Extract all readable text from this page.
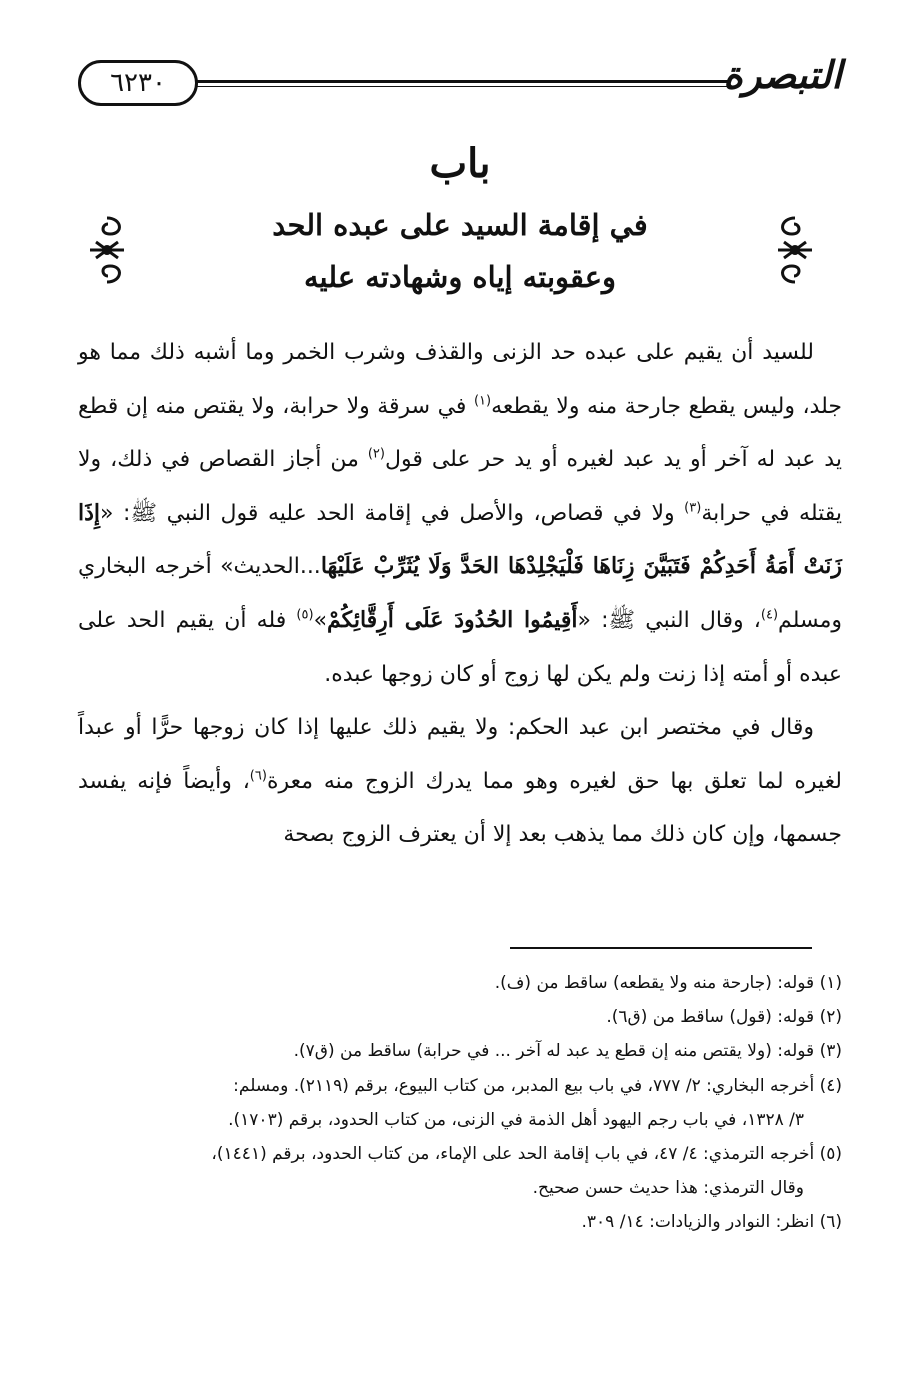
التبصرة
٦٢٣٠
باب
في إقامة السيد على عبده الحد
وعقوبته إياه وشهادته عليه

للسيد أن يقيم على عبده حد الزنى والقذف وشرب الخمر وما أشبه ذلك مما هو جلد، وليس يقطع جارحة منه ولا يقطعه$^{(١)}$ في سرقة ولا حرابة، ولا يقتص منه إن قطع يد عبد له آخر أو يد عبد لغيره أو يد حر على قول$^{(٢)}$ من أجاز القصاص في ذلك، ولا يقتله في حرابة$^{(٣)}$ ولا في قصاص، والأصل في إقامة الحد عليه قول النبي ﷺ: «إِذَا زَنَتْ أَمَةُ أَحَدِكُمْ فَتَبَيَّنَ زِنَاهَا فَلْيَجْلِدْهَا الحَدَّ وَلَا يُثَرِّبْ عَلَيْهَا...الحديث» أخرجه البخاري ومسلم$^{(٤)}$، وقال النبي ﷺ: «أَقِيمُوا الحُدُودَ عَلَى أَرِقَّائِكُمْ»$^{(٥)}$ فله أن يقيم الحد على عبده أو أمته إذا زنت ولم يكن لها زوج أو كان زوجها عبده.

وقال في مختصر ابن عبد الحكم: ولا يقيم ذلك عليها إذا كان زوجها حرًّا أو عبداً لغيره لما تعلق بها حق لغيره وهو مما يدرك الزوج منه معرة$^{(٦)}$، وأيضاً فإنه يفسد جسمها، وإن كان ذلك مما يذهب بعد إلا أن يعترف الزوج بصحة

(١) قوله: (جارحة منه ولا يقطعه) ساقط من (ف).

(٢) قوله: (قول) ساقط من (ق٦).

(٣) قوله: (ولا يقتص منه إن قطع يد عبد له آخر ... في حرابة) ساقط من (ق٧).

(٤) أخرجه البخاري: ٢/ ٧٧٧، في باب بيع المدبر، من كتاب البيوع، برقم (٢١١٩). ومسلم:

٣/ ١٣٢٨، في باب رجم اليهود أهل الذمة في الزنى، من كتاب الحدود، برقم (١٧٠٣).

(٥) أخرجه الترمذي: ٤/ ٤٧، في باب إقامة الحد على الإماء، من كتاب الحدود، برقم (١٤٤١)،

وقال الترمذي: هذا حديث حسن صحيح.

(٦) انظر: النوادر والزيادات: ١٤/ ٣٠٩.
